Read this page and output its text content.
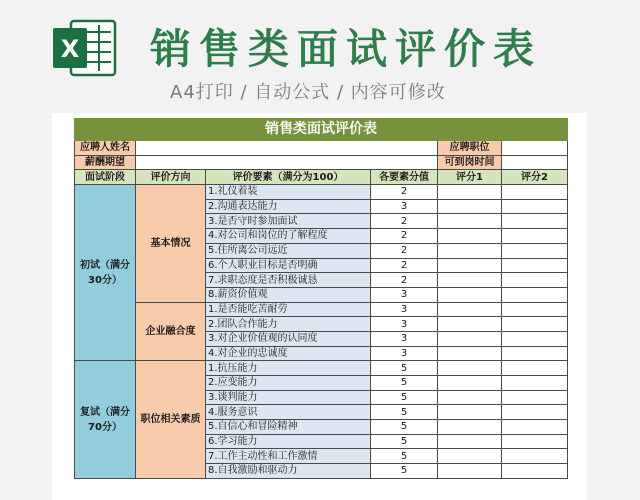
X 销售类面试评价表
A4打印 / 自动公式 / 内容可修改
销售类面试评价表					
应聘人姓名				应聘职位	
薪酬期望				可到岗时间	
面试阶段	评价方向	评价要素（满分为100）	各要素分值	评分1	评分2
初试（满分30分）	基本情况	1.礼仪着装	2		
		2.沟通表达能力	3		
		3.是否守时参加面试	2		
		4.对公司和岗位的了解程度	2		
		5.住所离公司远近	2		
		6.个人职业目标是否明确	2		
		7.求职态度是否积极诚恳	2		
		8.薪资价值观	3		
	企业融合度	1.是否能吃苦耐劳	3		
		2.团队合作能力	3		
		3.对企业价值观的认同度	3		
		4.对企业的忠诚度	3		
复试（满分70分）	职位相关素质	1.抗压能力	5		
		2.应变能力	5		
		3.谈判能力	5		
		4.服务意识	5		
		5.自信心和冒险精神	5		
		6.学习能力	5		
		7.工作主动性和工作激情	5		
		8.自我激励和驱动力	5		
